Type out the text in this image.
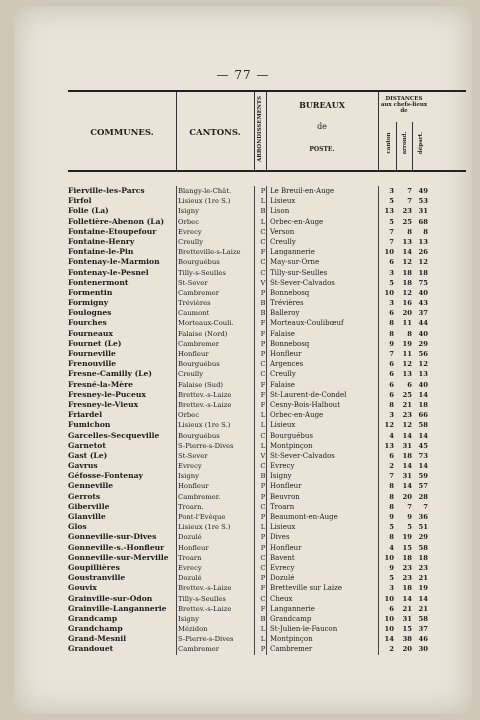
— 77 —
COMMUNES.	CANTONS.	ARRONDISSEMENTS	BUREAUX
de
POSTE.
DISTANCES aux chefs-lieux de
canton arrond. départ.
Fierville-les-Parcs	Blangy-le-Chât.	P Le Breuil-en-Auge	3	7 49
Firfol	Lisieux (1re S.)	L Lisieux	5	7 53
Folie (La)	Isigny	B Lison	13	23 31
Folletière-Abenon (La)	Orbec	L Orbec-en-Auge	5	25 68
Fontaine-Etoupefour	Evrecy	C Verson	7	8	8
Fontaine-Henry	Creully	C Creully	7	13 13
Fontaine-le-Pin	Bretteville-s-Laize	F Langannerie	10	14 26
Fontenay-le-Marmion	Bourguébus	C May-sur-Orne	6	12 12
Fontenay-le-Pesnel	Tilly-s-Seulles	C Tilly-sur-Seulles	3	18 18
Fontenermont	St-Sever	V St-Sever-Calvados	5	18 75
Formentin	Cambremer	P Bonnebosq	10	12 40
Formigny	Trévières	B Trévières	3	16 43
Foulognes	Caumont	B Balleroy	6	20 37
Fourches	Morteaux-Couli.	F Morteaux-Coulibœuf	8	11 44
Fourneaux	Falaise (Nord)	F Falaise	8	8 40
Fournet (Le)	Cambremer	P Bonnebosq	9	19 29
Fourneville	Honfleur	P Honfleur	7	11 56
Frenouville	Bourguébus	C Argences	6	12 12
Fresne-Camilly (Le)	Creully	C Creully	6	13 13
Fresné-la-Mère	Falaise (Sud)	F Falaise	6	6 40
Fresney-le-Puceux	Brettev.-s-Laize	F St-Laurent-de-Condel	6	25 14
Fresney-le-Vieux	Brettev.-s-Laize	F Cesny-Bois-Halbout	8	21 18
Friardel	Orbec	L Orbec-en-Auge	3	23 66
Fumichon	Lisieux (1re S.)	L Lisieux	12	12 58
Garcelles-Secqueville	Bourguébus	C Bourguébus	4	14 14
Garnetot	S-Pierre-s-Dives	L Montpinçon	13	31 45
Gast (Le)	St-Sever	V St-Sever-Calvados	6	18 73
Gavrus	Evrecy	C Evrecy	2	14 14
Géfosse-Fontenay	Isigny	B Isigny	7	31 59
Genneville	Honfleur	P Honfleur	8	14 57
Gerrots	Cambremer.	P Beuvron	8	20 28
Giberville	Troarn.	C Troarn	8	7	7
Glanville	Pont-l'Evêque	P Beaumont-en-Auge	9	9 36
Glos	Lisieux (1re S.)	L Lisieux	5	5 51
Gonneville-sur-Dives	Dozulé	P Dives	8	19 29
Gonneville-s.-Honfleur	Honfleur	P Honfleur	4	15 58
Gonneville-sur-Merville	Troarn	C Bavent	10	18 18
Goupillières	Evrecy	C Evrecy	9	23 23
Goustranville	Dozulé	P Dozulé	5	23 21
Gouvix	Brettev.-s-Laize	F Bretteville sur Laize	3	18 19
Grainville-sur-Odon	Tilly-s-Seulles	C Cheux	10	14 14
Grainville-Langannerie	Brettev.-s-Laize	F Langannerie	6	21 21
Grandcamp	Isigny	B Grandcamp	10	31 58
Grandchamp	Mézidon	L St-Julien-le-Faucon	10	15 37
Grand-Mesnil	S-Pierre-s-Dives	L Montpinçon	14	38 46
Grandouet	Cambremer	P Cambremer	2	20 30
